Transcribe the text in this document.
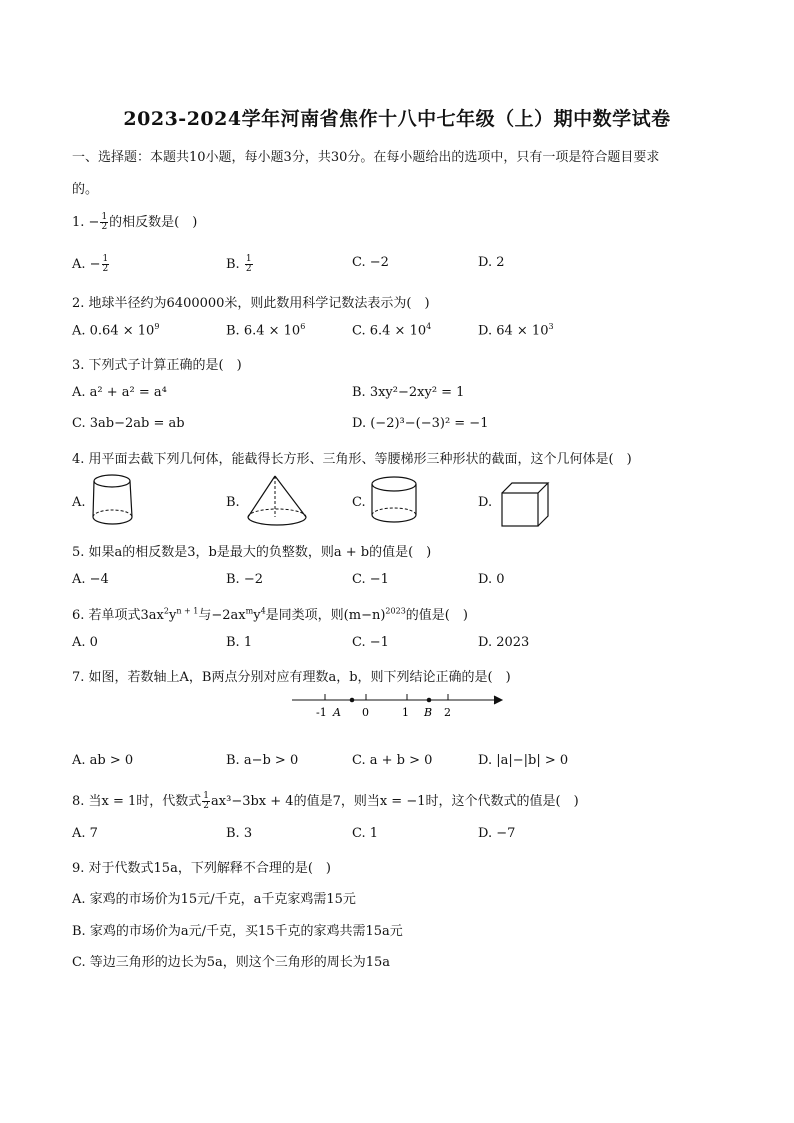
2023-2024学年河南省焦作十八中七年级（上）期中数学试卷
一、选择题：本题共10小题，每小题3分，共30分。在每小题给出的选项中，只有一项是符合题目要求
的。
1. − $\frac{1}{2}$ 的相反数是(　)
A. − $\frac{1}{2}$	B. $\frac{1}{2}$	C. −2	D. 2
2. 地球半径约为6400000米，则此数用科学记数法表示为(　)
A. $0.64 \times 10^9$	B. $6.4 \times 10^6$	C. $6.4 \times 10^4$	D. $64 \times 10^3$
3. 下列式子计算正确的是(　)
A. a² + a² = a⁴	B. 3xy²−2xy² = 1
C. 3ab−2ab = ab	D. (−2)³−(−3)² = −1
4. 用平面去截下列几何体，能截得长方形、三角形、等腰梯形三种形状的截面，这个几何体是(　)
A.	B.	C.	D.
5. 如果a的相反数是3，b是最大的负整数，则a + b的值是(　)
A. −4	B. −2	C. −1	D. 0
6. 若单项式$3ax^2y^{n + 1}$与$-2ax^my^4$是同类项，则$(m-n)^{2023}$的值是(　)
A. 0	B. 1	C. −1	D. 2023
7. 如图，若数轴上A，B两点分别对应有理数a，b，则下列结论正确的是(　)
-1 A 0	1 B 2
A. ab > 0	B. a−b > 0	C. a + b > 0	D. |a|−|b| > 0
8. 当x = 1时，代数式 $\frac{1}{2} ax^3-3bx + 4$的值是7，则当x = −1时，这个代数式的值是(　)
A. 7	B. 3	C. 1	D. −7
9. 对于代数式15a，下列解释不合理的是(　)
A. 家鸡的市场价为15元/千克，a千克家鸡需15元
B. 家鸡的市场价为a元/千克，买15千克的家鸡共需15a元
C. 等边三角形的边长为5a，则这个三角形的周长为15a
